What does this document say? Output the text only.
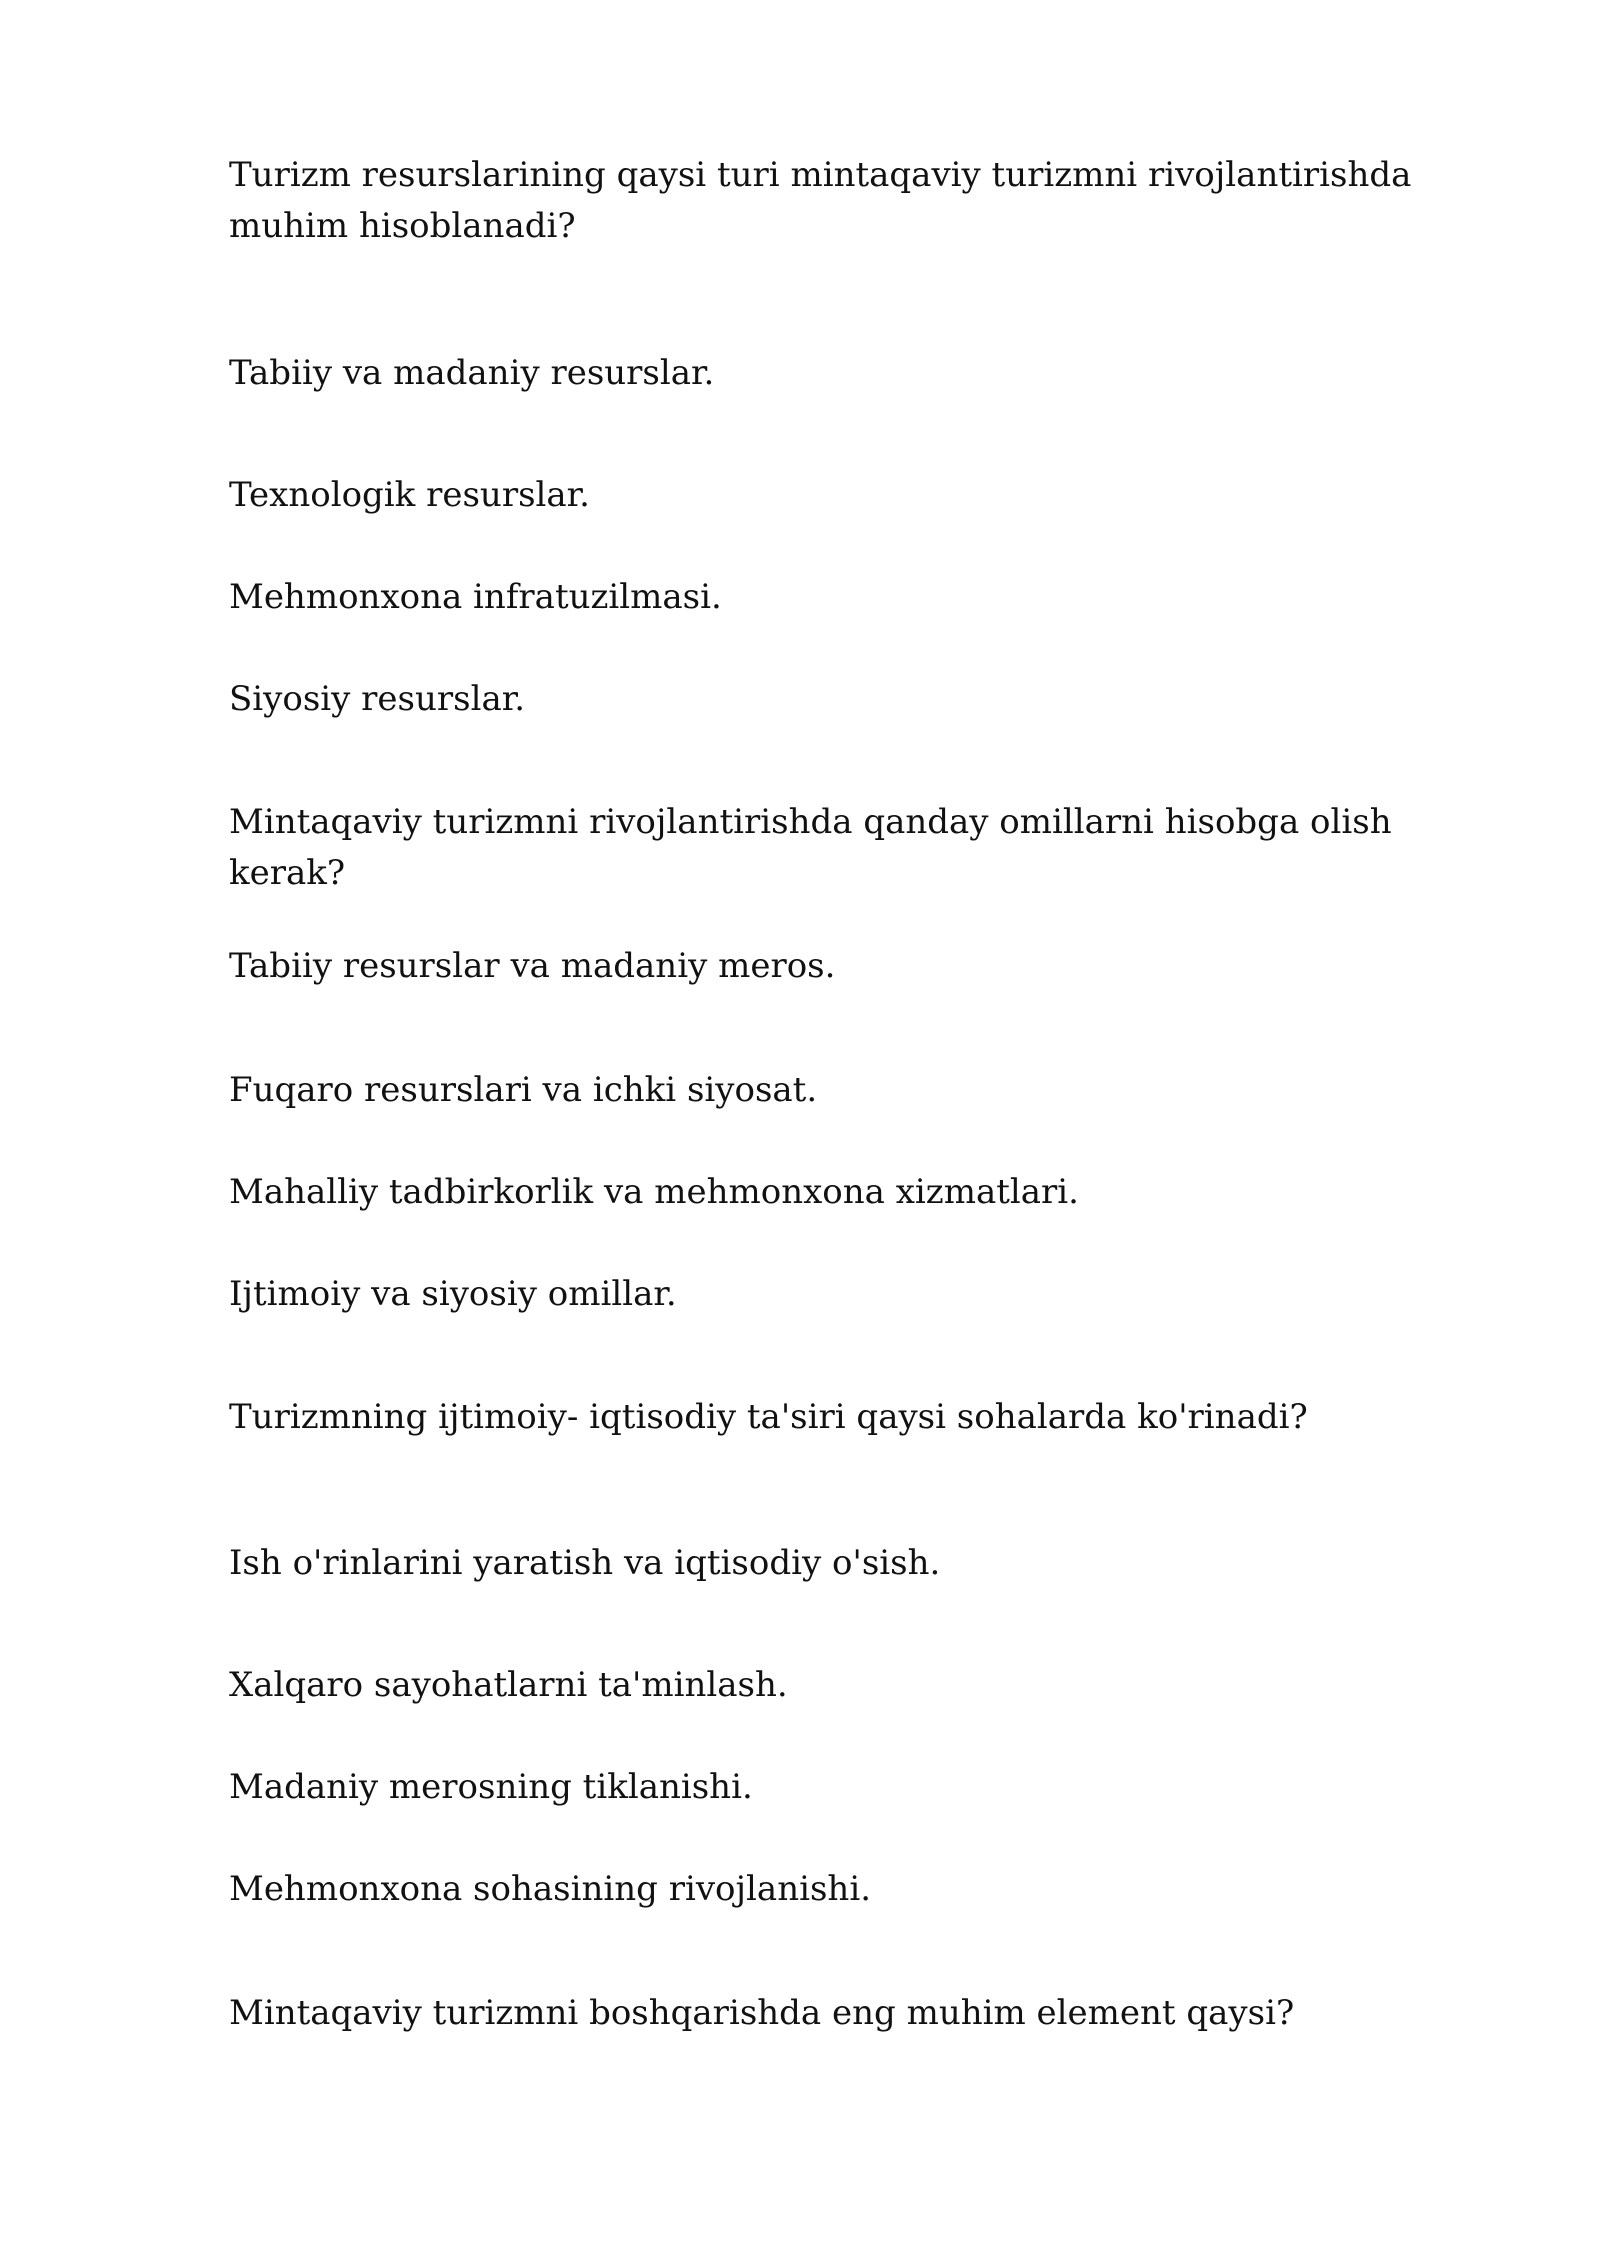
Turizm resurslarining qaysi turi mintaqaviy turizmni rivojlantirishda muhim hisoblanadi?

Tabiiy va madaniy resurslar.

Texnologik resurslar.

Mehmonxona infratuzilmasi.

Siyosiy resurslar.

Mintaqaviy turizmni rivojlantirishda qanday omillarni hisobga olish kerak?

Tabiiy resurslar va madaniy meros.

Fuqaro resurslari va ichki siyosat.

Mahalliy tadbirkorlik va mehmonxona xizmatlari.

Ijtimoiy va siyosiy omillar.

Turizmning ijtimoiy- iqtisodiy ta'siri qaysi sohalarda ko'rinadi?

Ish o'rinlarini yaratish va iqtisodiy o'sish.

Xalqaro sayohatlarni ta'minlash.

Madaniy merosning tiklanishi.

Mehmonxona sohasining rivojlanishi.

Mintaqaviy turizmni boshqarishda eng muhim element qaysi?
